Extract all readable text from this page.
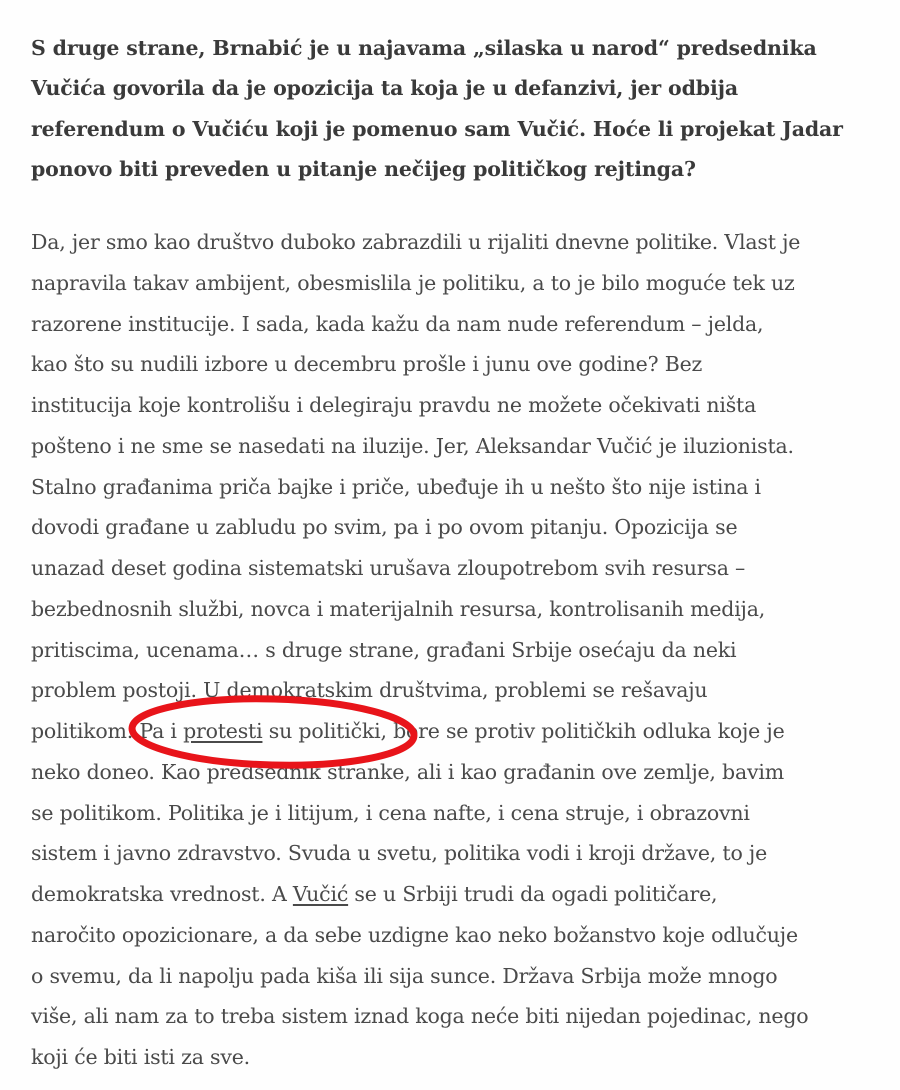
S druge strane, Brnabić je u najavama „silaska u narod“ predsednika
Vučića govorila da je opozicija ta koja je u defanzivi, jer odbija
referendum o Vučiću koji je pomenuo sam Vučić. Hoće li projekat Jadar
ponovo biti preveden u pitanje nečijeg političkog rejtinga?

Da, jer smo kao društvo duboko zabrazdili u rijaliti dnevne politike. Vlast je
napravila takav ambijent, obesmislila je politiku, a to je bilo moguće tek uz
razorene institucije. I sada, kada kažu da nam nude referendum – jelda,
kao što su nudili izbore u decembru prošle i junu ove godine? Bez
institucija koje kontrolišu i delegiraju pravdu ne možete očekivati ništa
pošteno i ne sme se nasedati na iluzije. Jer, Aleksandar Vučić je iluzionista.
Stalno građanima priča bajke i priče, ubeđuje ih u nešto što nije istina i
dovodi građane u zabludu po svim, pa i po ovom pitanju. Opozicija se
unazad deset godina sistematski urušava zloupotrebom svih resursa –
bezbednosnih službi, novca i materijalnih resursa, kontrolisanih medija,
pritiscima, ucenama… s druge strane, građani Srbije osećaju da neki
problem postoji. U demokratskim društvima, problemi se rešavaju
politikom. Pa i protesti su politički, bore se protiv političkih odluka koje je
neko doneo. Kao predsednik stranke, ali i kao građanin ove zemlje, bavim
se politikom. Politika je i litijum, i cena nafte, i cena struje, i obrazovni
sistem i javno zdravstvo. Svuda u svetu, politika vodi i kroji države, to je
demokratska vrednost. A Vučić se u Srbiji trudi da ogadi političare,
naročito opozicionare, a da sebe uzdigne kao neko božanstvo koje odlučuje
o svemu, da li napolju pada kiša ili sija sunce. Država Srbija može mnogo
više, ali nam za to treba sistem iznad koga neće biti nijedan pojedinac, nego
koji će biti isti za sve.
